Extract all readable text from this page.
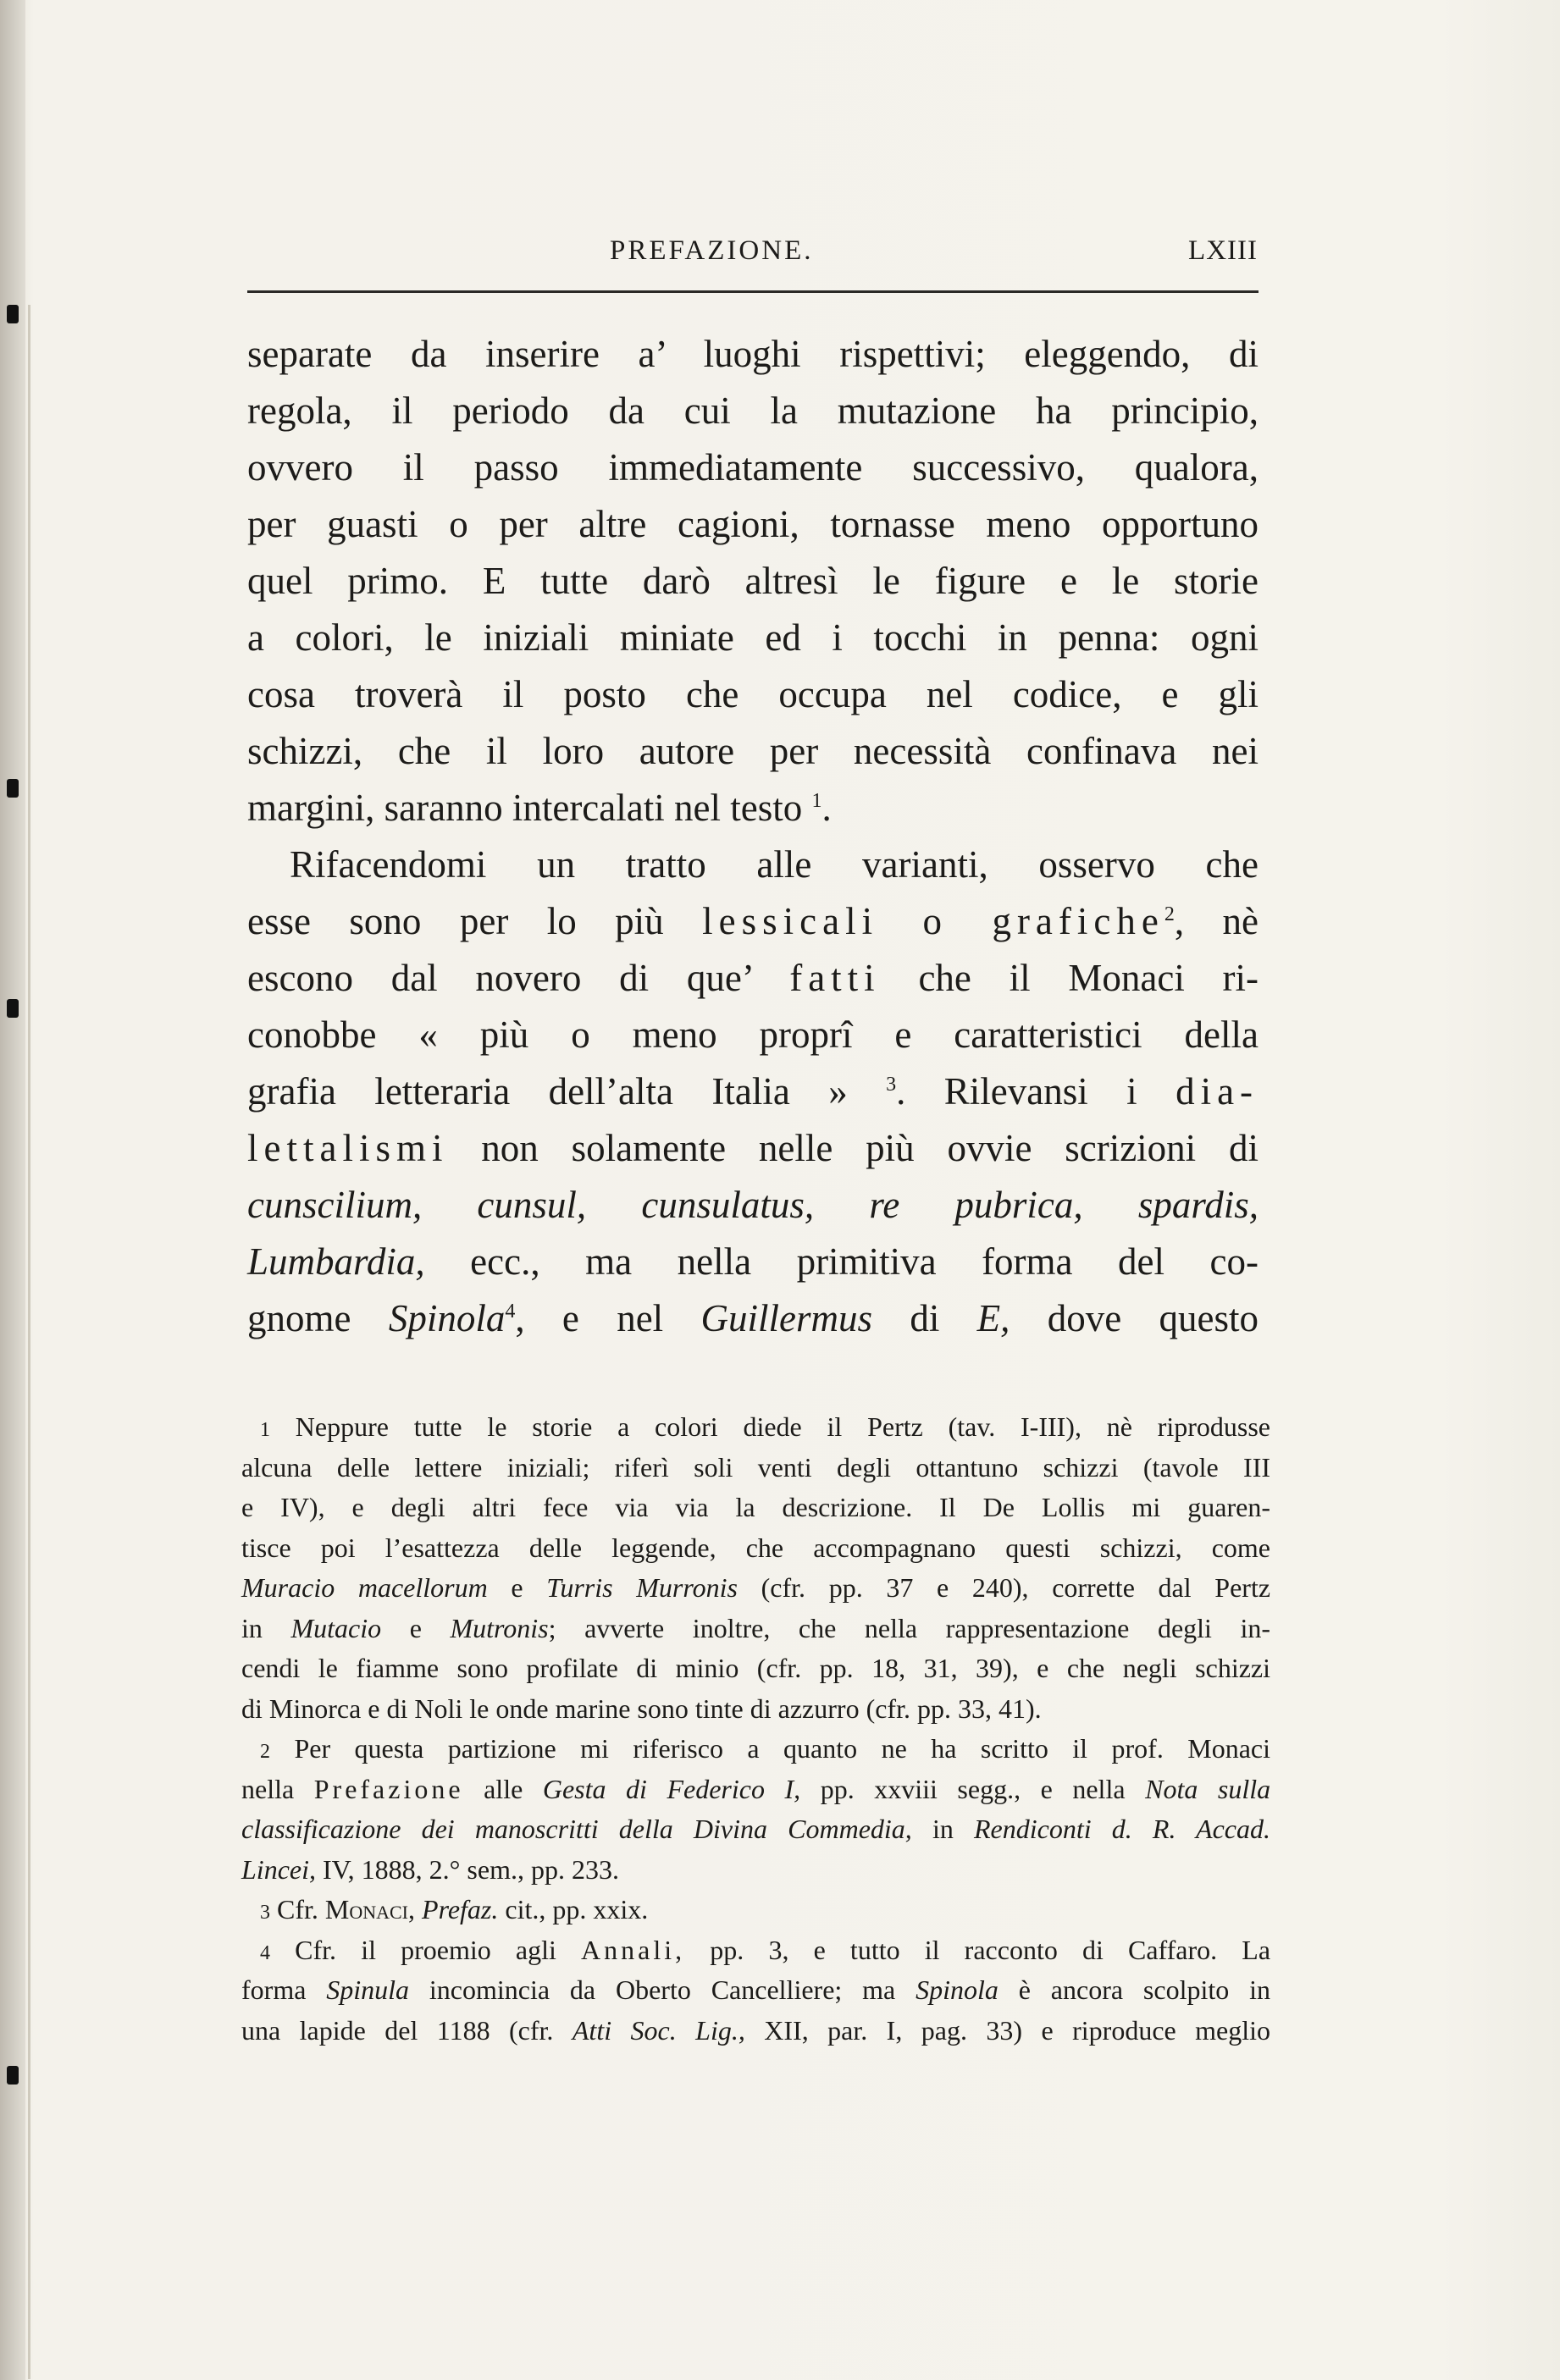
PREFAZIONE.	LXIII
separate da inserire a’ luoghi rispettivi; eleggendo, di
regola, il periodo da cui la mutazione ha principio,
ovvero il passo immediatamente successivo, qualora,
per guasti o per altre cagioni, tornasse meno opportuno
quel primo. E tutte darò altresì le figure e le storie
a colori, le iniziali miniate ed i tocchi in penna: ogni
cosa troverà il posto che occupa nel codice, e gli
schizzi, che il loro autore per necessità confinava nei
margini, saranno intercalati nel testo $^1$.
Rifacendomi un tratto alle varianti, osservo che
esse sono per lo più lessicali o grafiche$^2$, nè
escono dal novero di que’ fatti che il Monaci ri-
conobbe « più o meno proprî e caratteristici della
grafia letteraria dell’alta Italia » $^3$. Rilevansi i dia-
lettalismi non solamente nelle più ovvie scrizioni di
cunscilium, cunsul, cunsulatus, re pubrica, spardis,
Lumbardia, ecc., ma nella primitiva forma del co-
gnome Spinola$^4$, e nel Guillermus di E, dove questo
1 Neppure tutte le storie a colori diede il Pertz (tav. I-III), nè riprodusse
alcuna delle lettere iniziali; riferì soli venti degli ottantuno schizzi (tavole III
e IV), e degli altri fece via via la descrizione. Il De Lollis mi guaren-
tisce poi l’esattezza delle leggende, che accompagnano questi schizzi, come
Muracio macellorum e Turris Murronis (cfr. pp. 37 e 240), corrette dal Pertz
in Mutacio e Mutronis; avverte inoltre, che nella rappresentazione degli in-
cendi le fiamme sono profilate di minio (cfr. pp. 18, 31, 39), e che negli schizzi
di Minorca e di Noli le onde marine sono tinte di azzurro (cfr. pp. 33, 41).
2 Per questa partizione mi riferisco a quanto ne ha scritto il prof. Monaci
nella Prefazione alle Gesta di Federico I, pp. xxviii segg., e nella Nota sulla
classificazione dei manoscritti della Divina Commedia, in Rendiconti d. R. Accad.
Lincei, IV, 1888, 2.° sem., pp. 233.
3 Cfr. Monaci, Prefaz. cit., pp. xxix.
4 Cfr. il proemio agli Annali, pp. 3, e tutto il racconto di Caffaro. La
forma Spinula incomincia da Oberto Cancelliere; ma Spinola è ancora scolpito in
una lapide del 1188 (cfr. Atti Soc. Lig., XII, par. I, pag. 33) e riproduce meglio
